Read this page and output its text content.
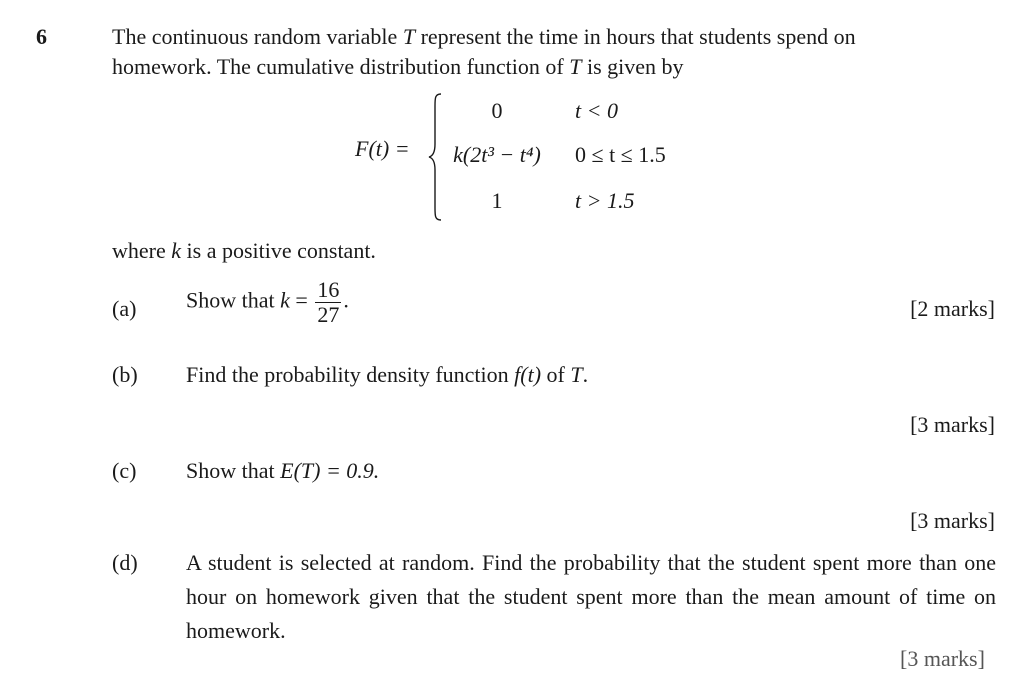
6	The continuous random variable T represent the time in hours that students spend on

homework. The cumulative distribution function of T is given by

F(t) =
0	t < 0
k(2t³ − t⁴) 0 ≤ t ≤ 1.5
1	t > 1.5
where k is a positive constant.
(a) Show that $k = \frac{16}{27}$ .	[2 marks]
(b) Find the probability density function f(t) of T.
[3 marks]
(c) Show that E(T) = 0.9.
[3 marks]
(d) A student is selected at random. Find the probability that the student spent more than one hour on homework given that the student spent more than the mean amount of time on homework.
[3 marks]
